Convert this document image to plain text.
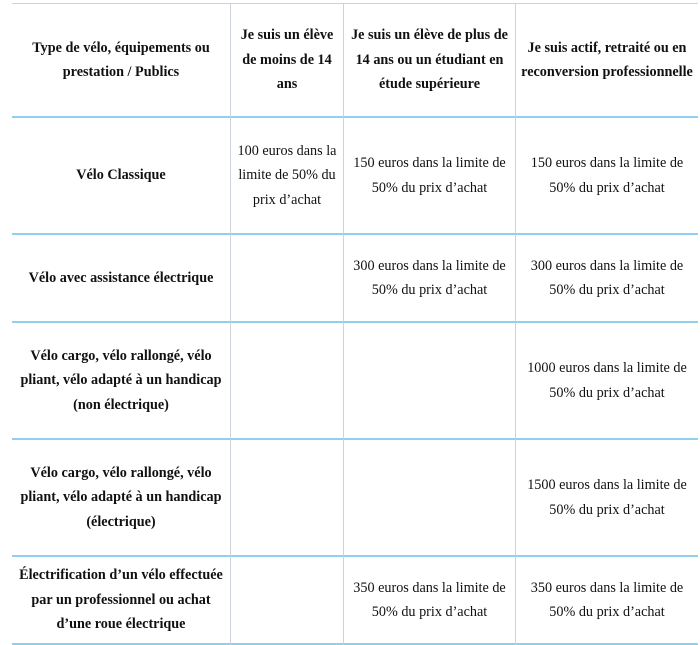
Type de vélo, équipements ou prestation / Publics
Je suis un élève de moins de 14 ans
Je suis un élève de plus de 14 ans ou un étudiant en étude supérieure
Je suis actif, retraité ou en reconversion professionnelle
Vélo Classique
100 euros dans la limite de 50% du prix d’achat
150 euros dans la limite de 50% du prix d’achat
150 euros dans la limite de 50% du prix d’achat
Vélo avec assistance électrique
300 euros dans la limite de 50% du prix d’achat
300 euros dans la limite de 50% du prix d’achat
Vélo cargo, vélo rallongé, vélo pliant, vélo adapté à un handicap
(non électrique)
1000 euros dans la limite de 50% du prix d’achat
Vélo cargo, vélo rallongé, vélo pliant, vélo adapté à un handicap
(électrique)
1500 euros dans la limite de 50% du prix d’achat
Électrification d’un vélo effectuée par un professionnel ou achat d’une roue électrique
350 euros dans la limite de 50% du prix d’achat
350 euros dans la limite de 50% du prix d’achat
